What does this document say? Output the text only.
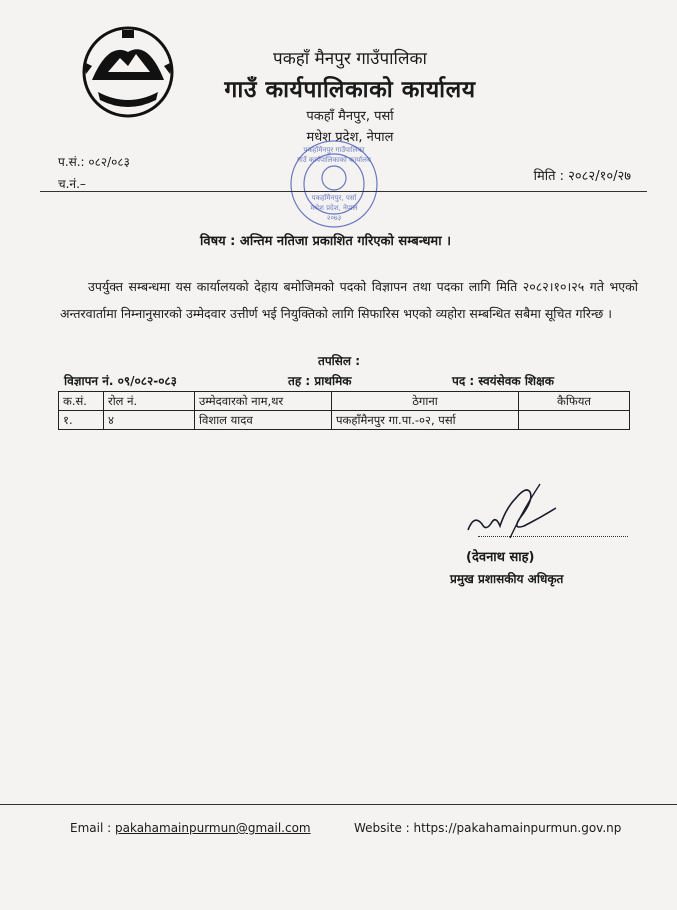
पकहाँ मैनपुर गाउँपालिका
गाउँ कार्यपालिकाको कार्यालय
पकहाँ मैनपुर, पर्सा
मधेश प्रदेश, नेपाल
पकहाँमैनपुर गाउँपालिका
गाउँ कार्यपालिकाको कार्यालय
पकहाँमैनपुर, पर्सा
मधेश प्रदेश, नेपाल
२०७३
प.सं.: ०८२/०८३
च.नं.–	मिति : २०८२/१०/२७
विषय : अन्तिम नतिजा प्रकाशित गरिएको सम्बन्धमा ।
उपर्युक्त सम्बन्धमा यस कार्यालयको देहाय बमोजिमको पदको विज्ञापन तथा पदका लागि मिति २०८२।१०।२५ गते भएको अन्तरवार्तामा निम्नानुसारको उम्मेदवार उत्तीर्ण भई नियुक्तिको लागि सिफारिस भएको व्यहोरा सम्बन्धित सबैमा सूचित गरिन्छ ।
तपसिल :
विज्ञापन नं. ०९/०८२-०८३	तह : प्राथमिक	पद : स्वयंसेवक शिक्षक
क.सं.	रोल नं.	उम्मेदवारको नाम,थर	ठेगाना	कैफियत
१.	४	विशाल यादव	पकहाँमैनपुर गा.पा.-०२, पर्सा	
(देवनाथ साह)
प्रमुख प्रशासकीय अधिकृत
Email : pakahamainpurmun@gmail.com	Website : https://pakahamainpurmun.gov.np
